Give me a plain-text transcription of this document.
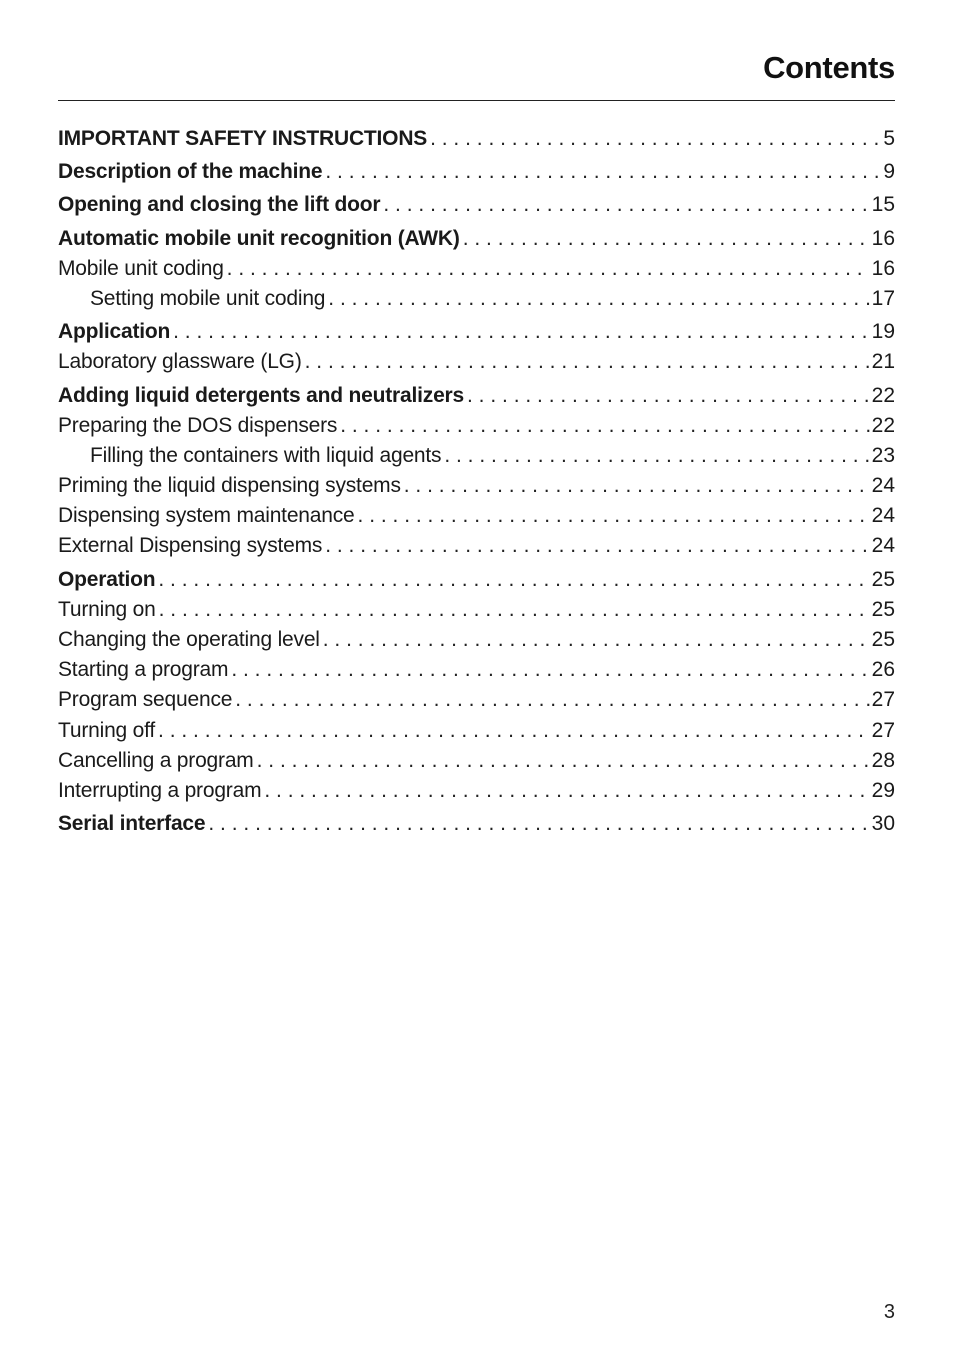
Contents
IMPORTANT SAFETY INSTRUCTIONS . . .	5
Description of the machine . . .	9
Opening and closing the lift door . . .	15
Automatic mobile unit recognition (AWK) . . .	16
Mobile unit coding . . .	16
Setting mobile unit coding . . .	17
Application . . .	19
Laboratory glassware (LG) . . .	21
Adding liquid detergents and neutralizers . . .	22
Preparing the DOS dispensers . . .	22
Filling the containers with liquid agents . . .	23
Priming the liquid dispensing systems . . .	24
Dispensing system maintenance . . .	24
External Dispensing systems . . .	24
Operation . . .	25
Turning on . . .	25
Changing the operating level . . .	25
Starting a program . . .	26
Program sequence . . .	27
Turning off . . .	27
Cancelling a program . . .	28
Interrupting a program . . .	29
Serial interface . . .	30
3
